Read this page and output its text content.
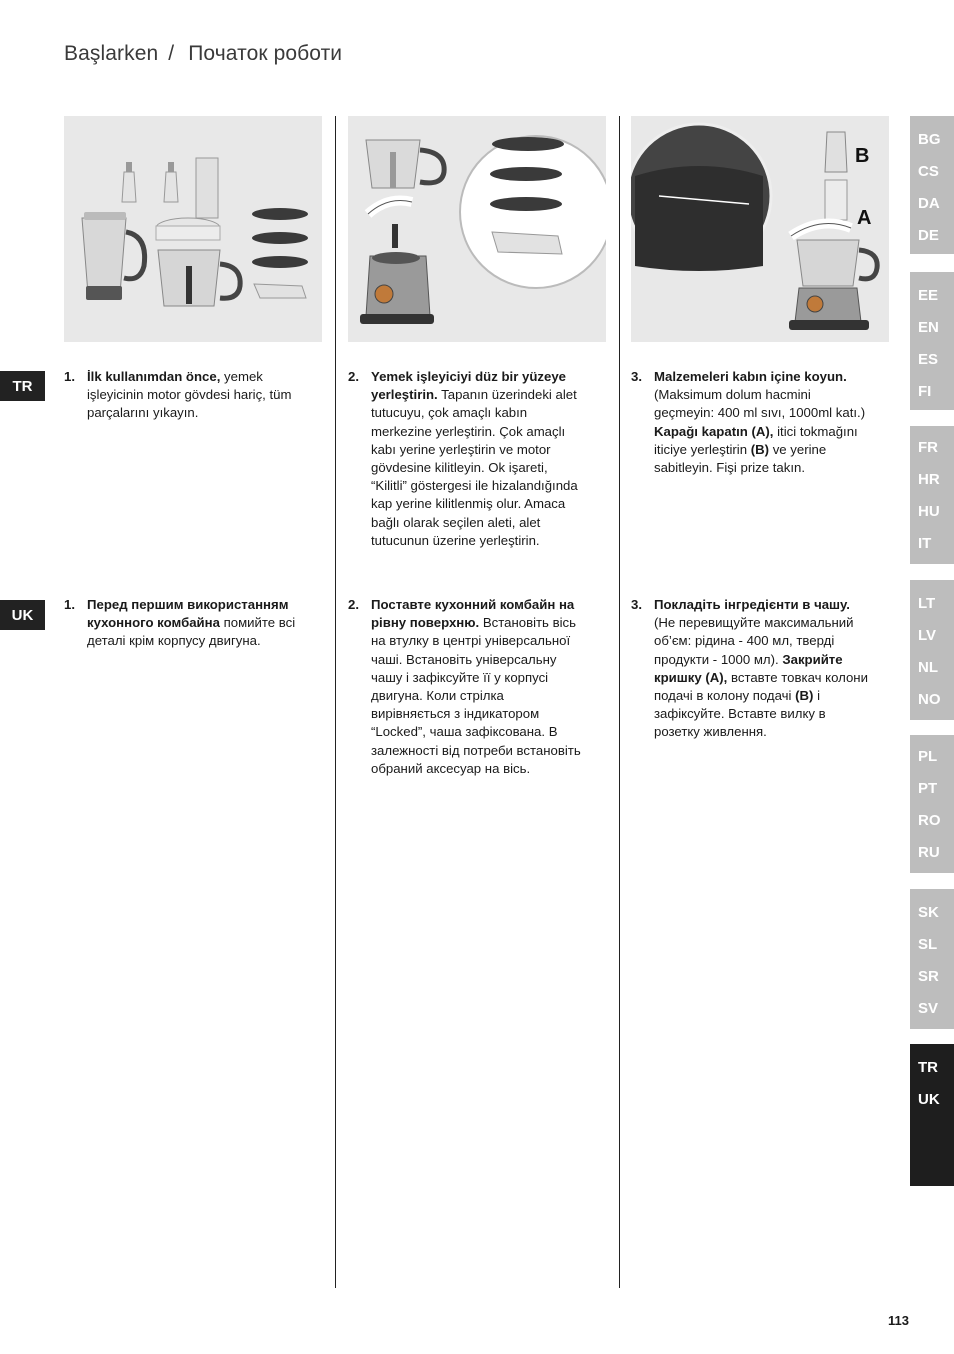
Başlarken / Початок роботи
B
A
TR
UK
1. İlk kullanımdan önce, yemek işleyicinin motor gövdesi hariç, tüm parçalarını yıkayın.
2. Yemek işleyiciyi düz bir yüzeye yerleştirin. Tapanın üzerindeki alet tutucuyu, çok amaçlı kabın merkezine yerleştirin. Çok amaçlı kabı yerine yerleştirin ve motor gövdesine kilitleyin. Ok işareti, “Kilitli” göstergesi ile hizalandığında kap yerine kilitlenmiş olur. Amaca bağlı olarak seçilen aleti, alet tutucunun üzerine yerleştirin.
3. Malzemeleri kabın içine koyun. (Maksimum dolum hacmini geçmeyin: 400 ml sıvı, 1000ml katı.) Kapağı kapatın (A), itici tokmağını iticiye yerleştirin (B) ve yerine sabitleyin. Fişi prize takın.
1. Перед першим використанням кухонного комбайна помийте всі деталі крім корпусу двигуна.
2. Поставте кухонний комбайн на рівну поверхню. Встановіть вісь на втулку в центрі універсальної чаші. Встановіть універсальну чашу і зафіксуйте її у корпусі двигуна. Коли стрілка вирівняється з індикатором “Locked”, чаша зафіксована. В залежності від потреби встановіть обраний аксесуар на вісь.
3. Покладіть інгредієнти в чашу. (Не перевищуйте максимальний об’єм: рідина - 400 мл, тверді продукти - 1000 мл). Закрийте кришку (A), вставте товкач колони подачі в колону подачі (B) і зафіксуйте. Вставте вилку в розетку живлення.
BG
CS
DA
DE
EE
EN
ES
FI
FR
HR
HU
IT
LT
LV
NL
NO
PL
PT
RO
RU
SK
SL
SR
SV
TR
UK
113
